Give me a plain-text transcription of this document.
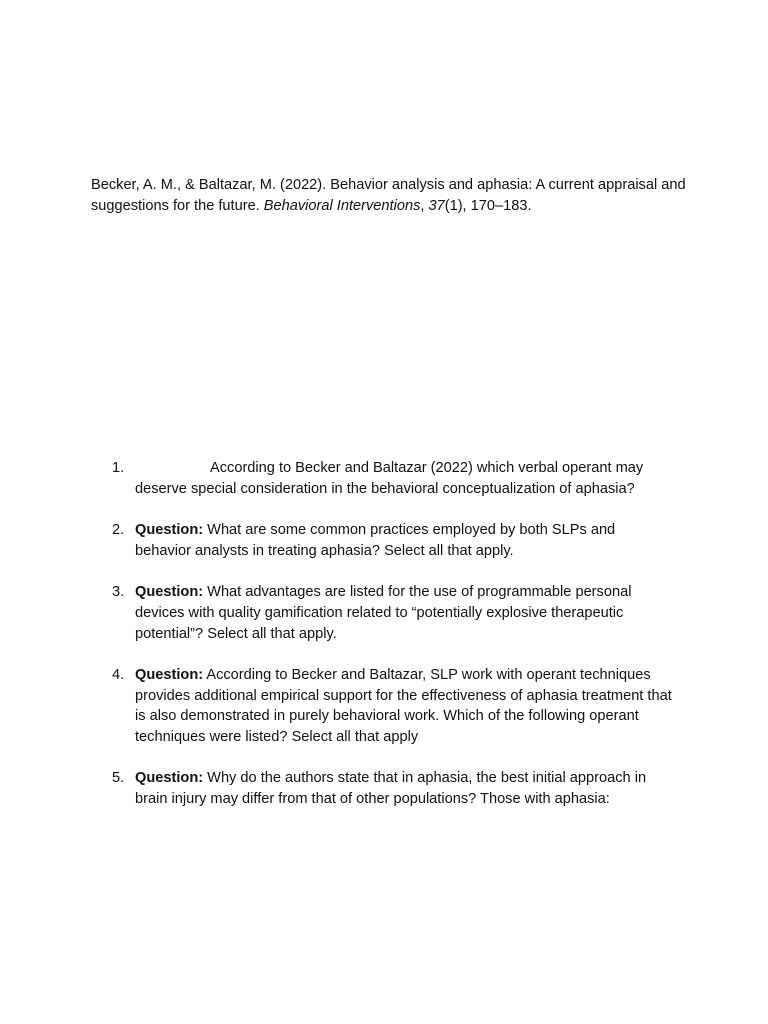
Becker, A. M., & Baltazar, M. (2022). Behavior analysis and aphasia: A current appraisal and suggestions for the future. Behavioral Interventions, 37(1), 170–183.

1.	According to Becker and Baltazar (2022) which verbal operant may deserve special consideration in the behavioral conceptualization of aphasia?
2. Question: What are some common practices employed by both SLPs and behavior analysts in treating aphasia? Select all that apply.
3. Question: What advantages are listed for the use of programmable personal devices with quality gamification related to “potentially explosive therapeutic potential”? Select all that apply.
4. Question: According to Becker and Baltazar, SLP work with operant techniques provides additional empirical support for the effectiveness of aphasia treatment that is also demonstrated in purely behavioral work. Which of the following operant techniques were listed? Select all that apply
5. Question: Why do the authors state that in aphasia, the best initial approach in brain injury may differ from that of other populations? Those with aphasia:
